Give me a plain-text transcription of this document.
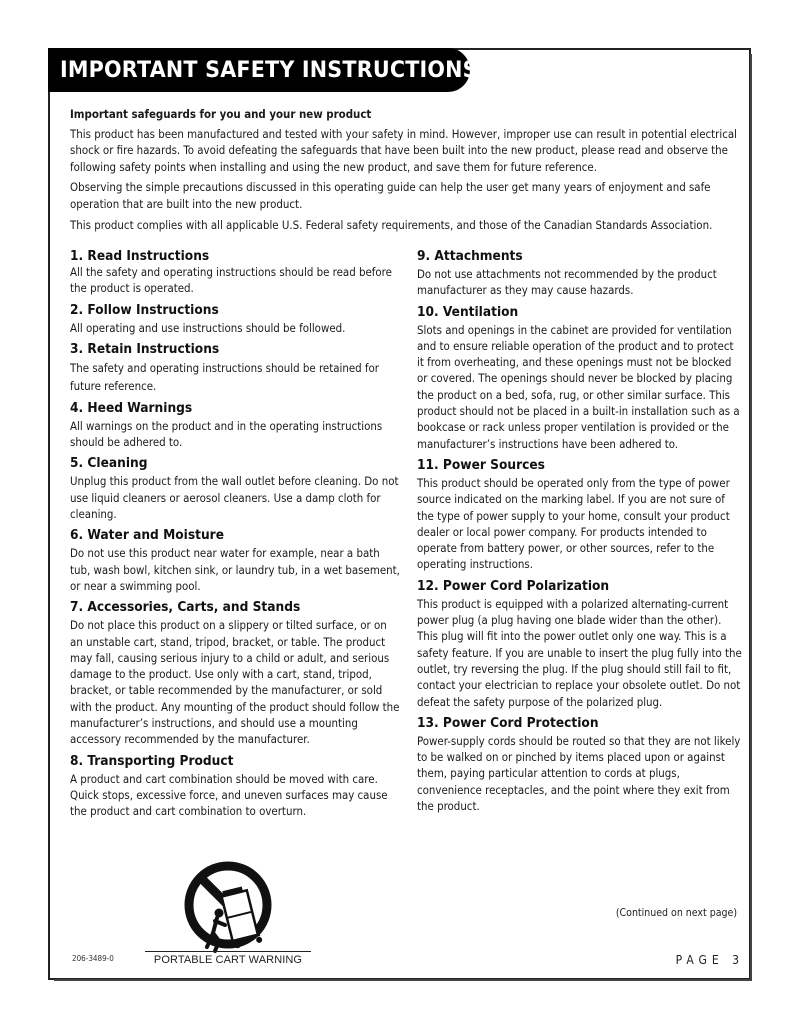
IMPORTANT SAFETY INSTRUCTIONS

Important safeguards for you and your new product

This product has been manufactured and tested with your safety in mind. However, improper use can result in potential electrical shock or fire hazards. To avoid defeating the safeguards that have been built into the new product, please read and observe the following safety points when installing and using the new product, and save them for future reference.

Observing the simple precautions discussed in this operating guide can help the user get many years of enjoyment and safe operation that are built into the new product.

This product complies with all applicable U.S. Federal safety requirements, and those of the Canadian Standards Association.

1. Read Instructions

All the safety and operating instructions should be read before the product is operated.

2. Follow Instructions

All operating and use instructions should be followed.

3. Retain Instructions

The safety and operating instructions should be retained for future reference.

4. Heed Warnings

All warnings on the product and in the operating instructions should be adhered to.

5. Cleaning

Unplug this product from the wall outlet before cleaning. Do not use liquid cleaners or aerosol cleaners. Use a damp cloth for cleaning.

6. Water and Moisture

Do not use this product near water for example, near a bath tub, wash bowl, kitchen sink, or laundry tub, in a wet basement, or near a swimming pool.

7. Accessories, Carts, and Stands

Do not place this product on a slippery or tilted surface, or on an unstable cart, stand, tripod, bracket, or table. The product may fall, causing serious injury to a child or adult, and serious damage to the product. Use only with a cart, stand, tripod, bracket, or table recommended by the manufacturer, or sold with the product. Any mounting of the product should follow the manufacturer’s instructions, and should use a mounting accessory recommended by the manufacturer.

8. Transporting Product

A product and cart combination should be moved with care. Quick stops, excessive force, and uneven surfaces may cause the product and cart combination to overturn.

9. Attachments

Do not use attachments not recommended by the product manufacturer as they may cause hazards.

10. Ventilation

Slots and openings in the cabinet are provided for ventilation and to ensure reliable operation of the product and to protect it from overheating, and these openings must not be blocked or covered. The openings should never be blocked by placing the product on a bed, sofa, rug, or other similar surface. This product should not be placed in a built-in installation such as a bookcase or rack unless proper ventilation is provided or the manufacturer’s instructions have been adhered to.

11. Power Sources

This product should be operated only from the type of power source indicated on the marking label. If you are not sure of the type of power supply to your home, consult your product dealer or local power company. For products intended to operate from battery power, or other sources, refer to the operating instructions.

12. Power Cord Polarization

This product is equipped with a polarized alternating-current power plug (a plug having one blade wider than the other). This plug will fit into the power outlet only one way. This is a safety feature. If you are unable to insert the plug fully into the outlet, try reversing the plug. If the plug should still fail to fit, contact your electrician to replace your obsolete outlet. Do not defeat the safety purpose of the polarized plug.

13. Power Cord Protection

Power-supply cords should be routed so that they are not likely to be walked on or pinched by items placed upon or against them, paying particular attention to cords at plugs, convenience receptacles, and the point where they exit from the product.

PORTABLE CART WARNING
206-3489-0
(Continued on next page)
PAGE 3
